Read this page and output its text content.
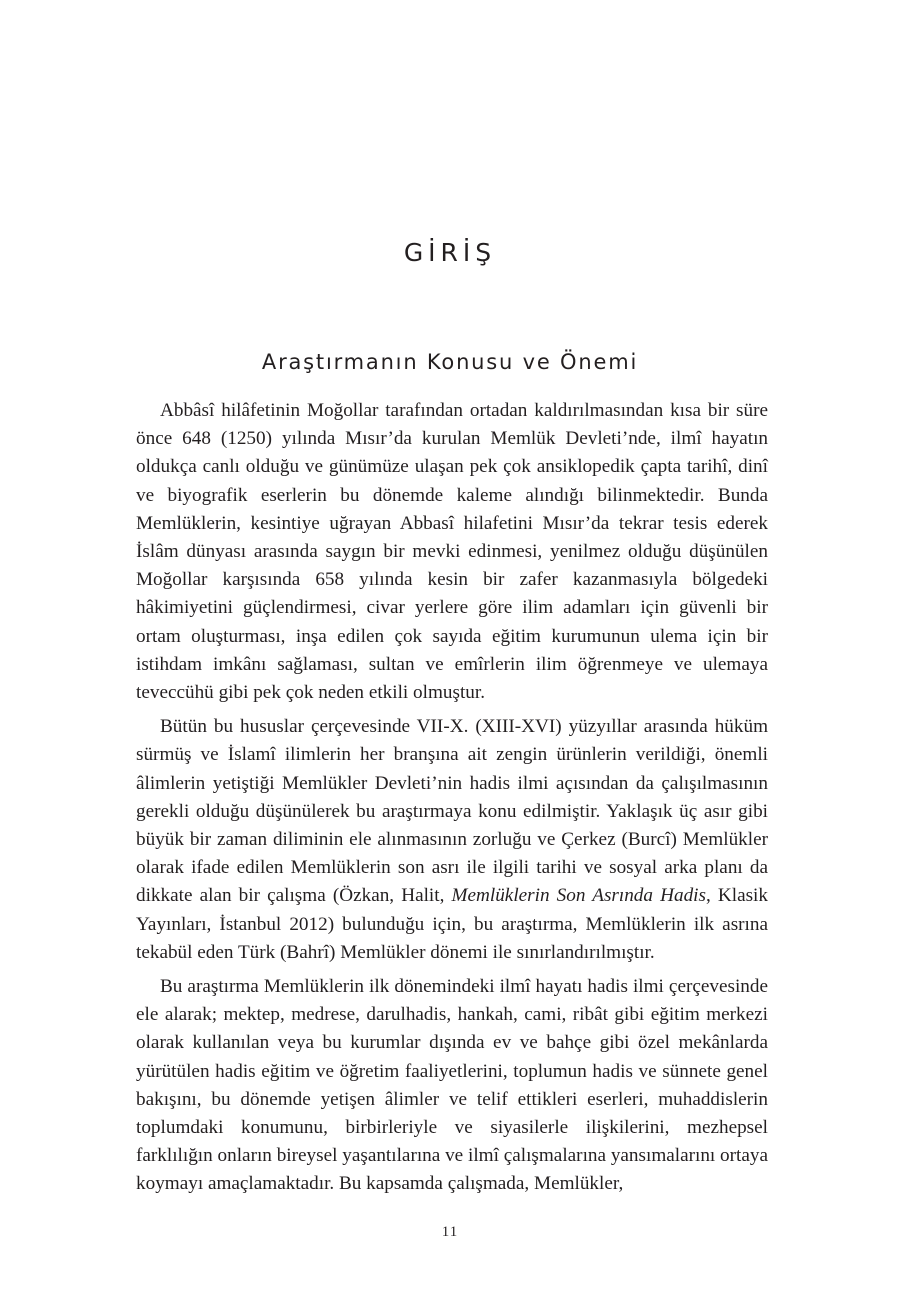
GİRİŞ
Araştırmanın Konusu ve Önemi

Abbâsî hilâfetinin Moğollar tarafından ortadan kaldırılmasından kısa bir süre önce 648 (1250) yılında Mısır’da kurulan Memlük Devleti’nde, ilmî hayatın oldukça canlı olduğu ve günümüze ulaşan pek çok ansiklopedik çapta tarihî, dinî ve biyografik eserlerin bu dönemde kaleme alındığı bilinmektedir. Bunda Memlüklerin, kesintiye uğrayan Abbasî hilafetini Mısır’da tekrar tesis ederek İslâm dünyası arasında saygın bir mevki edinmesi, yenilmez olduğu düşünülen Moğollar karşısında 658 yılında kesin bir zafer kazanmasıyla bölgedeki hâkimiyetini güçlendirmesi, civar yerlere göre ilim adamları için güvenli bir ortam oluşturması, inşa edilen çok sayıda eğitim kurumunun ulema için bir istihdam imkânı sağlaması, sultan ve emîrlerin ilim öğrenmeye ve ulemaya teveccühü gibi pek çok neden etkili olmuştur.

Bütün bu hususlar çerçevesinde VII-X. (XIII-XVI) yüzyıllar arasında hüküm sürmüş ve İslamî ilimlerin her branşına ait zengin ürünlerin verildiği, önemli âlimlerin yetiştiği Memlükler Devleti’nin hadis ilmi açısından da çalışılmasının gerekli olduğu düşünülerek bu araştırmaya konu edilmiştir. Yaklaşık üç asır gibi büyük bir zaman diliminin ele alınmasının zorluğu ve Çerkez (Burcî) Memlükler olarak ifade edilen Memlüklerin son asrı ile ilgili tarihi ve sosyal arka planı da dikkate alan bir çalışma (Özkan, Halit, Memlüklerin Son Asrında Hadis, Klasik Yayınları, İstanbul 2012) bulunduğu için, bu araştırma, Memlüklerin ilk asrına tekabül eden Türk (Bahrî) Memlükler dönemi ile sınırlandırılmıştır.

Bu araştırma Memlüklerin ilk dönemindeki ilmî hayatı hadis ilmi çerçevesinde ele alarak; mektep, medrese, darulhadis, hankah, cami, ribât gibi eğitim merkezi olarak kullanılan veya bu kurumlar dışında ev ve bahçe gibi özel mekânlarda yürütülen hadis eğitim ve öğretim faaliyetlerini, toplumun hadis ve sünnete genel bakışını, bu dönemde yetişen âlimler ve telif ettikleri eserleri, muhaddislerin toplumdaki konumunu, birbirleriyle ve siyasilerle ilişkilerini, mezhepsel farklılığın onların bireysel yaşantılarına ve ilmî çalışmalarına yansımalarını ortaya koymayı amaçlamaktadır. Bu kapsamda çalışmada, Memlükler,

11
